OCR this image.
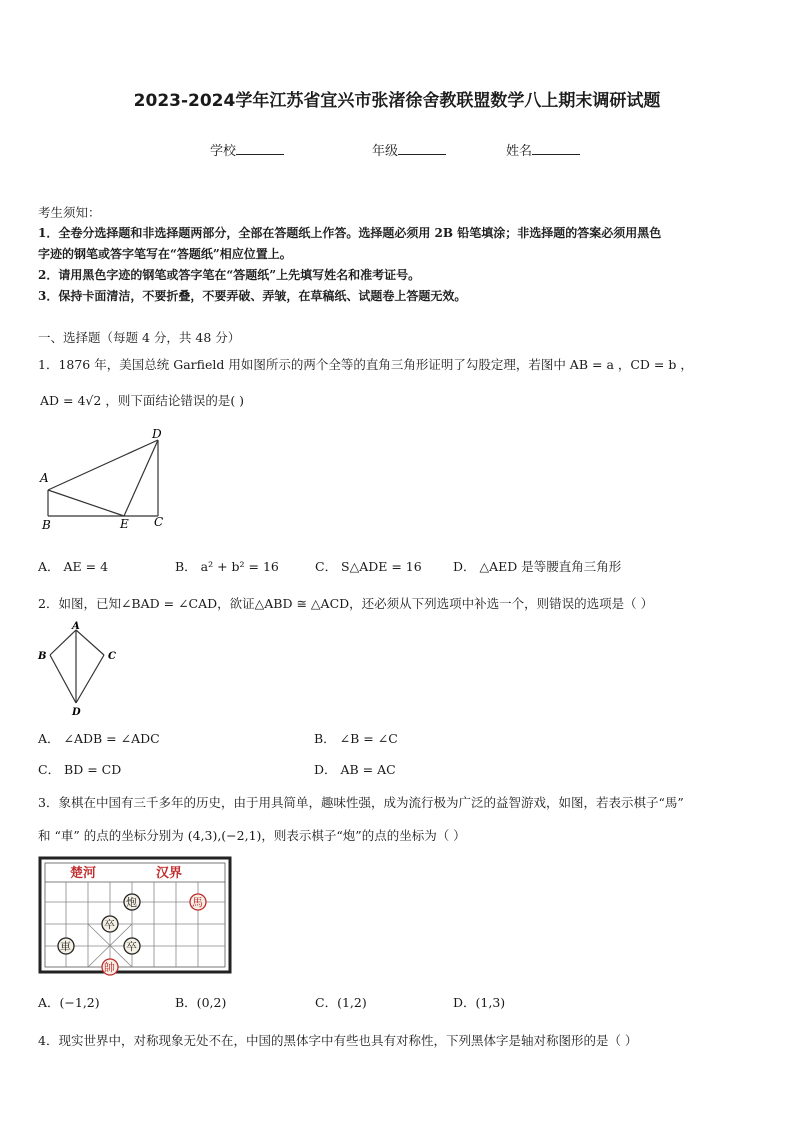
2023-2024学年江苏省宜兴市张渚徐舍教联盟数学八上期末调研试题
学校	年级	姓名
考生须知：
1．全卷分选择题和非选择题两部分，全部在答题纸上作答。选择题必须用 2B 铅笔填涂；非选择题的答案必须用黑色
字迹的钢笔或答字笔写在“答题纸”相应位置上。
2．请用黑色字迹的钢笔或答字笔在“答题纸”上先填写姓名和准考证号。
3．保持卡面清洁，不要折叠，不要弄破、弄皱，在草稿纸、试题卷上答题无效。
一、选择题（每题 4 分，共 48 分）
1．1876 年，美国总统 Garfield 用如图所示的两个全等的直角三角形证明了勾股定理，若图中 AB = a ，CD = b ，
AD = 4√2 ，则下面结论错误的是( )
A
B	E C
D
A． AE = 4	B． a² + b² = 16	C． S△ADE = 16	D． △AED 是等腰直角三角形
2．如图，已知∠BAD = ∠CAD，欲证△ABD ≅ △ACD，还必须从下列选项中补选一个，则错误的选项是（ ）
A
B	C
D
A． ∠ADB = ∠ADC	B． ∠B = ∠C
C． BD = CD	D． AB = AC
3．象棋在中国有三千多年的历史，由于用具简单，趣味性强，成为流行极为广泛的益智游戏，如图，若表示棋子“馬”
和 “車” 的点的坐标分别为 (4,3),(−2,1)，则表示棋子“炮”的点的坐标为（ ）
楚河	汉界
炮	馬
卒
車	卒
帥
A．(−1,2)	B．(0,2)	C．(1,2)	D．(1,3)
4．现实世界中，对称现象无处不在，中国的黑体字中有些也具有对称性，下列黑体字是轴对称图形的是（ ）
